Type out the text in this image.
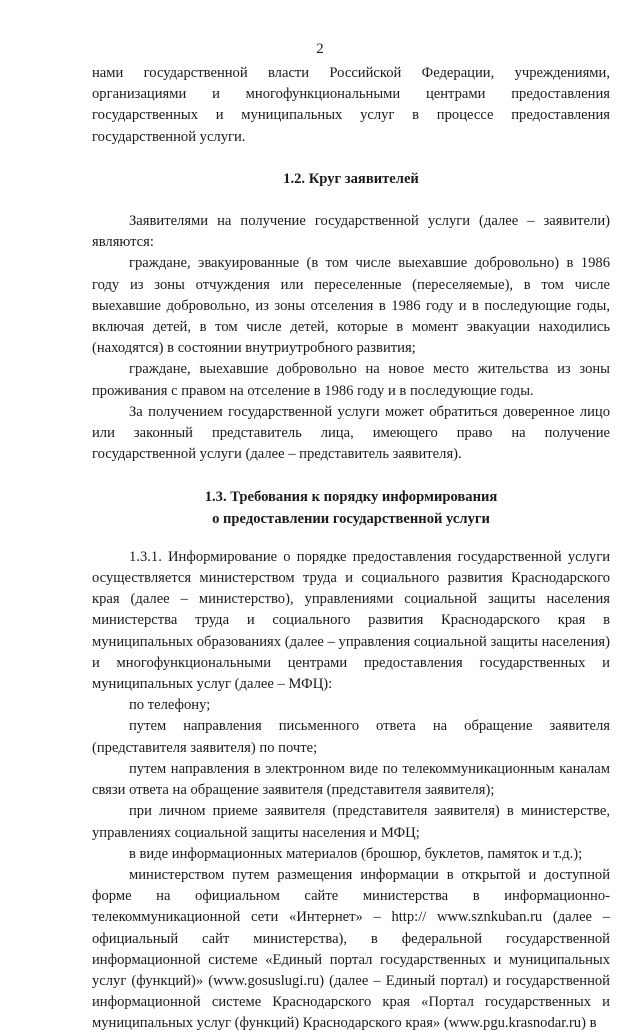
2

нами государственной власти Российской Федерации, учреждениями, организациями и многофункциональными центрами предоставления государственных и муниципальных услуг в процессе предоставления государственной услуги.

1.2. Круг заявителей

Заявителями на получение государственной услуги (далее – заявители) являются:

граждане, эвакуированные (в том числе выехавшие добровольно) в 1986 году из зоны отчуждения или переселенные (переселяемые), в том числе выехавшие добровольно, из зоны отселения в 1986 году и в последующие годы, включая детей, в том числе детей, которые в момент эвакуации находились (находятся) в состоянии внутриутробного развития;

граждане, выехавшие добровольно на новое место жительства из зоны проживания с правом на отселение в 1986 году и в последующие годы.

За получением государственной услуги может обратиться доверенное лицо или законный представитель лица, имеющего право на получение государственной услуги (далее – представитель заявителя).

1.3. Требования к порядку информирования

о предоставлении государственной услуги

1.3.1. Информирование о порядке предоставления государственной услуги осуществляется министерством труда и социального развития Краснодарского края (далее – министерство), управлениями социальной защиты населения министерства труда и социального развития Краснодарского края в муниципальных образованиях (далее – управления социальной защиты населения) и многофункциональными центрами предоставления государственных и муниципальных услуг (далее – МФЦ):

по телефону;

путем направления письменного ответа на обращение заявителя (представителя заявителя) по почте;

путем направления в электронном виде по телекоммуникационным каналам связи ответа на обращение заявителя (представителя заявителя);

при личном приеме заявителя (представителя заявителя) в министерстве, управлениях социальной защиты населения и МФЦ;

в виде информационных материалов (брошюр, буклетов, памяток и т.д.);

министерством путем размещения информации в открытой и доступной форме на официальном сайте министерства в информационно-телекоммуникационной сети «Интернет» – http:// www.sznkuban.ru (далее – официальный сайт министерства), в федеральной государственной информационной системе «Единый портал государственных и муниципальных услуг (функций)» (www.gosuslugi.ru) (далее – Единый портал) и государственной информационной системе Краснодарского края «Портал государственных и муниципальных услуг (функций) Краснодарского края» (www.pgu.krasnodar.ru) в
